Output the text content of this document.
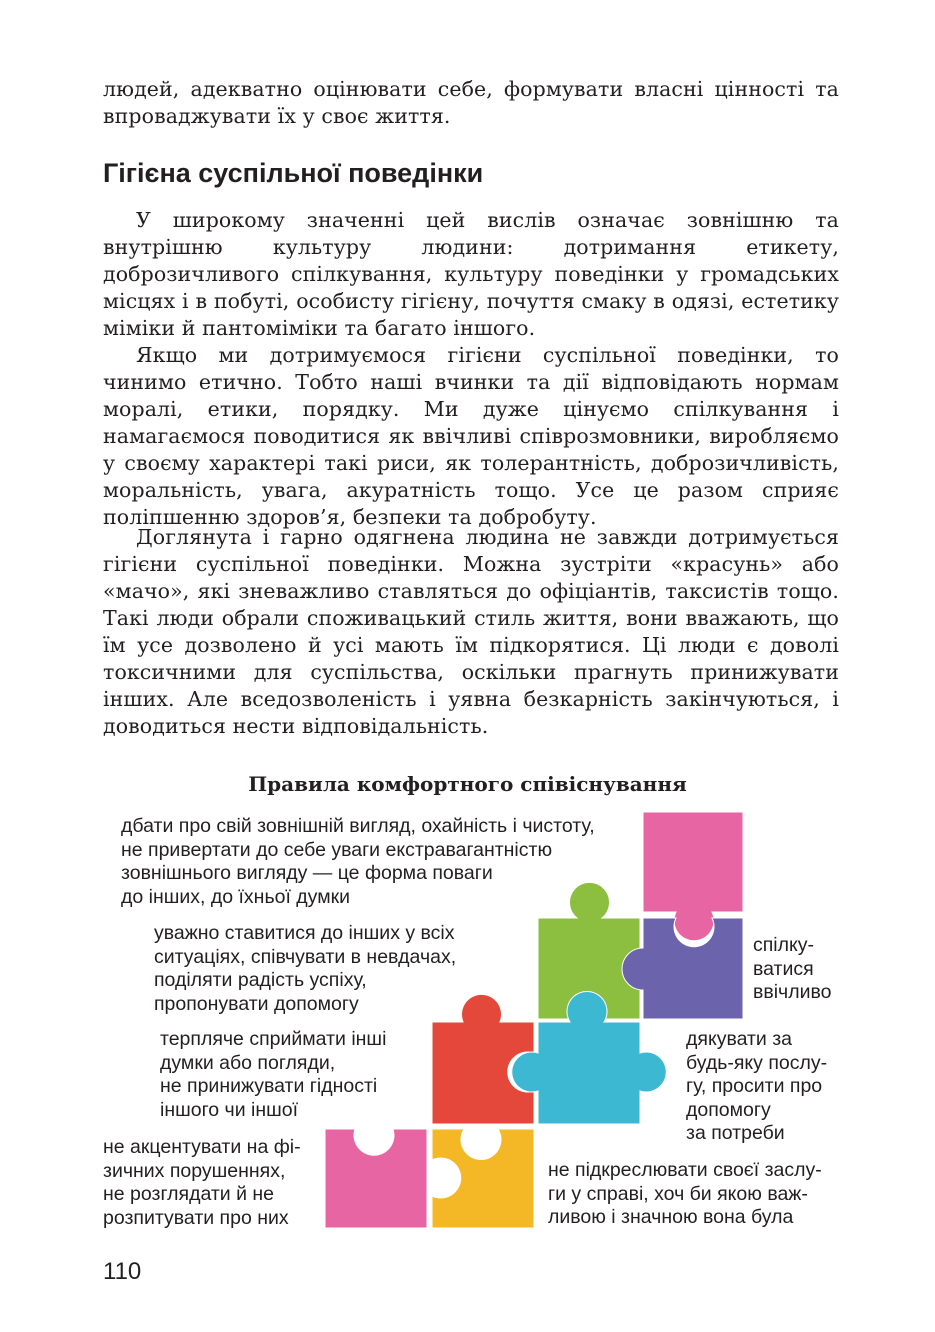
людей, адекватно оцінювати себе, формувати власні цінності та впроваджувати їх у своє життя.

Гігієна суспільної поведінки

У широкому значенні цей вислів означає зовнішню та внутрішню культуру людини: дотримання етикету, доброзичливого спілкування, культуру поведінки у громадських місцях і в побуті, особисту гігієну, почуття смаку в одязі, естетику міміки й пантоміміки та багато іншого.

Якщо ми дотримуємося гігієни суспільної поведінки, то чинимо етично. Тобто наші вчинки та дії відповідають нормам моралі, етики, порядку. Ми дуже цінуємо спілкування і намагаємося поводитися як ввічливі співрозмовники, виробляємо у своєму характері такі риси, як толерантність, доброзичливість, моральність, увага, акуратність тощо. Усе це разом сприяє поліпшенню здоров’я, безпеки та добробуту.

Доглянута і гарно одягнена людина не завжди дотримується гігієни суспільної поведінки. Можна зустріти «красунь» або «мачо», які зневажливо ставляться до офіціантів, таксистів тощо. Такі люди обрали споживацький стиль життя, вони вважають, що їм усе дозволено й усі мають їм підкорятися. Ці люди є доволі токсичними для суспільства, оскільки прагнуть принижувати інших. Але вседозволеність і уявна безкарність закінчуються, і доводиться нести відповідальність.

Правила комфортного співіснування

дбати про свій зовнішній вигляд, охайність і чистоту,
не привертати до себе уваги екстравагантністю
зовнішнього вигляду — це форма поваги
до інших, до їхньої думки

уважно ставитися до інших у всіх
ситуаціях, співчувати в невдачах,
поділяти радість успіху,
пропонувати допомогу

спілку-
ватися
ввічливо

терпляче сприймати інші
думки або погляди,
не принижувати гідності
іншого чи іншої

дякувати за
будь-яку послу-
гу, просити про
допомогу
за потреби

не акцентувати на фі-
зичних порушеннях,
не розглядати й не
розпитувати про них

не підкреслювати своєї заслу-
ги у справі, хоч би якою важ-
ливою і значною вона була

110
